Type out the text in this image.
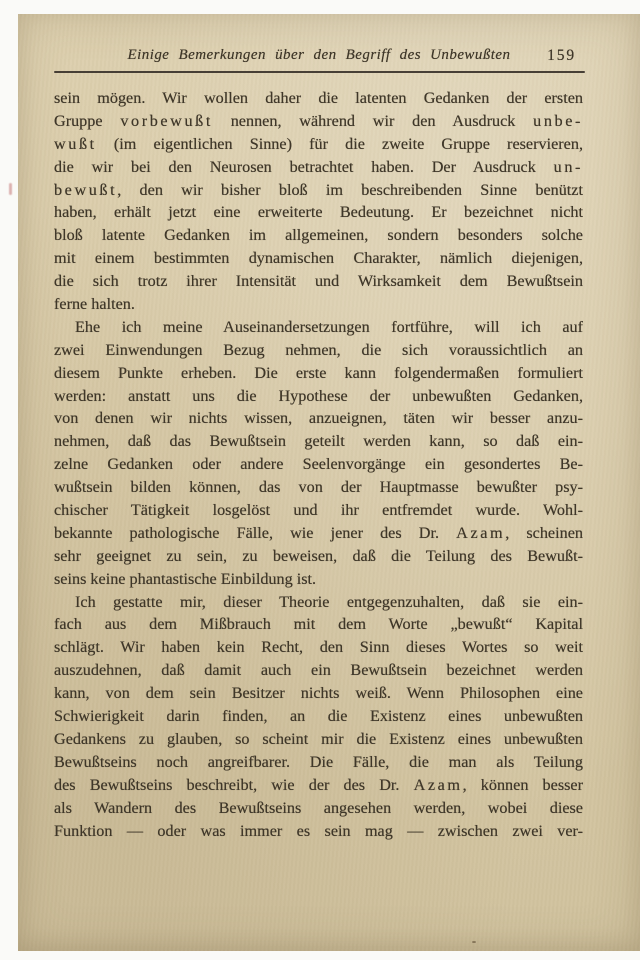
Einige Bemerkungen über den Begriff des Unbewußten	159
sein mögen. Wir wollen daher die latenten Gedanken der ersten
Gruppe vorbewußt nennen, während wir den Ausdruck unbe-
wußt (im eigentlichen Sinne) für die zweite Gruppe reservieren,
die wir bei den Neurosen betrachtet haben. Der Ausdruck un-
bewußt, den wir bisher bloß im beschreibenden Sinne benützt
haben, erhält jetzt eine erweiterte Bedeutung. Er bezeichnet nicht
bloß latente Gedanken im allgemeinen, sondern besonders solche
mit einem bestimmten dynamischen Charakter, nämlich diejenigen,
die sich trotz ihrer Intensität und Wirksamkeit dem Bewußtsein
ferne halten.
Ehe ich meine Auseinandersetzungen fortführe, will ich auf
zwei Einwendungen Bezug nehmen, die sich voraussichtlich an
diesem Punkte erheben. Die erste kann folgendermaßen formuliert
werden: anstatt uns die Hypothese der unbewußten Gedanken,
von denen wir nichts wissen, anzueignen, täten wir besser anzu-
nehmen, daß das Bewußtsein geteilt werden kann, so daß ein-
zelne Gedanken oder andere Seelenvorgänge ein gesondertes Be-
wußtsein bilden können, das von der Hauptmasse bewußter psy-
chischer Tätigkeit losgelöst und ihr entfremdet wurde. Wohl-
bekannte pathologische Fälle, wie jener des Dr. Azam, scheinen
sehr geeignet zu sein, zu beweisen, daß die Teilung des Bewußt-
seins keine phantastische Einbildung ist.
Ich gestatte mir, dieser Theorie entgegenzuhalten, daß sie ein-
fach aus dem Mißbrauch mit dem Worte „bewußt“ Kapital
schlägt. Wir haben kein Recht, den Sinn dieses Wortes so weit
auszudehnen, daß damit auch ein Bewußtsein bezeichnet werden
kann, von dem sein Besitzer nichts weiß. Wenn Philosophen eine
Schwierigkeit darin finden, an die Existenz eines unbewußten
Gedankens zu glauben, so scheint mir die Existenz eines unbewußten
Bewußtseins noch angreifbarer. Die Fälle, die man als Teilung
des Bewußtseins beschreibt, wie der des Dr. Azam, können besser
als Wandern des Bewußtseins angesehen werden, wobei diese
Funktion — oder was immer es sein mag — zwischen zwei ver-
